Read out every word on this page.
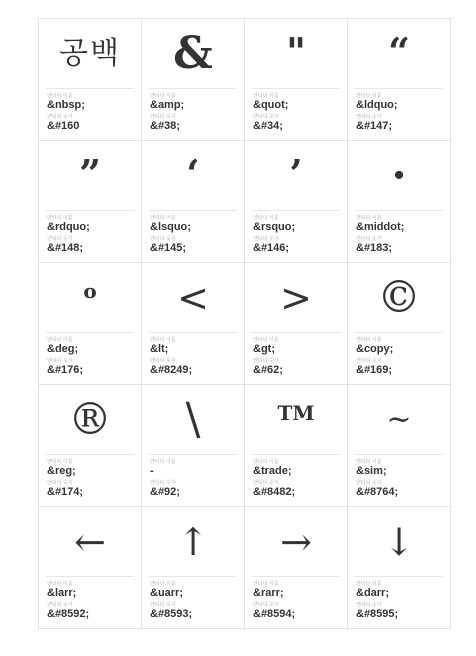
공백
엔티티 이름
&nbsp;
엔티티 숫자
&#160
&
엔티티 이름
&amp;
엔티티 숫자
&#38;
"
엔티티 이름
&quot;
엔티티 숫자
&#34;
“
엔티티 이름
&ldquo;
엔티티 숫자
&#147;
”
엔티티 이름
&rdquo;
엔티티 숫자
&#148;
‘
엔티티 이름
&lsquo;
엔티티 숫자
&#145;
’
엔티티 이름
&rsquo;
엔티티 숫자
&#146;
·
엔티티 이름
&middot;
엔티티 숫자
&#183;
o
엔티티 이름
&deg;
엔티티 숫자
&#176;
<
엔티티 이름
&lt;
엔티티 숫자
&#8249;
>
엔티티 이름
&gt;
엔티티 숫자
&#62;
©
엔티티 이름
&copy;
엔티티 숫자
&#169;
®
엔티티 이름
&reg;
엔티티 숫자
&#174;
\
엔티티 이름
-
엔티티 숫자
&#92;
TM
엔티티 이름
&trade;
엔티티 숫자
&#8482;
∼
엔티티 이름
&sim;
엔티티 숫자
&#8764;
←
엔티티 이름
&larr;
엔티티 숫자
&#8592;
↑
엔티티 이름
&uarr;
엔티티 숫자
&#8593;
→
엔티티 이름
&rarr;
엔티티 숫자
&#8594;
↓
엔티티 이름
&darr;
엔티티 숫자
&#8595;
